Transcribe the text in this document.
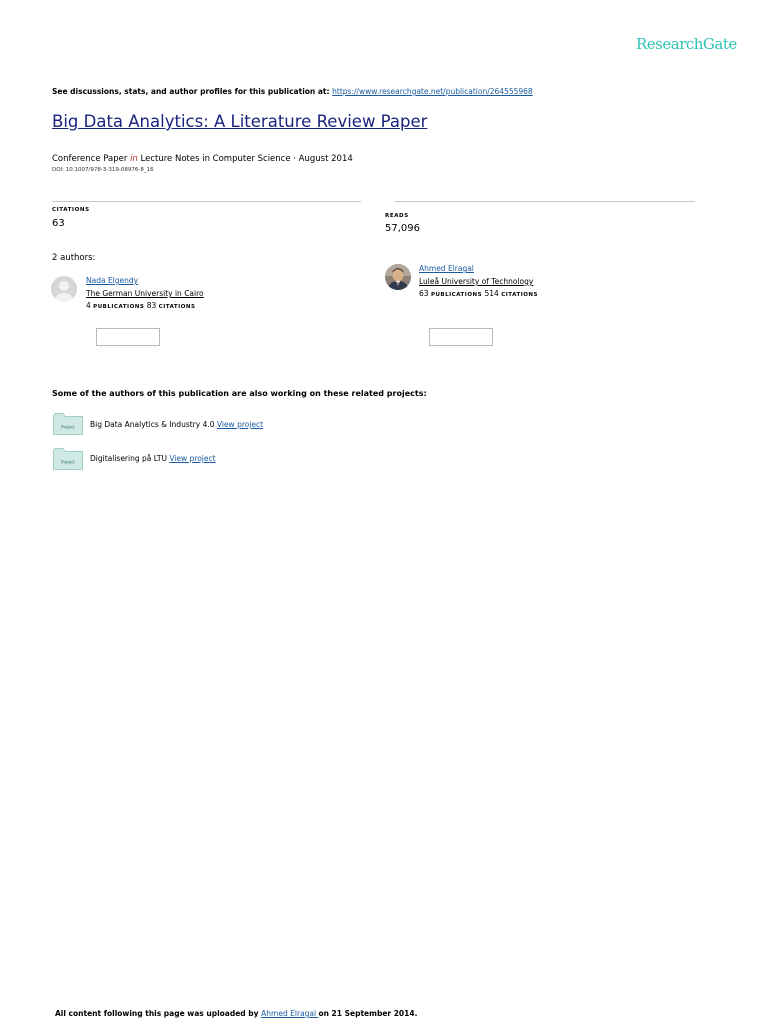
ResearchGate
See discussions, stats, and author profiles for this publication at: https://www.researchgate.net/publication/264555968
Big Data Analytics: A Literature Review Paper
Conference Paper in Lecture Notes in Computer Science · August 2014
DOI: 10.1007/978-3-319-08976-8_16
CITATIONS
63
READS
57,096
2 authors:
Nada Elgendy
The German University in Cairo
4 PUBLICATIONS 83 CITATIONS
Ahmed Elragal
Luleå University of Technology
63 PUBLICATIONS 514 CITATIONS
Some of the authors of this publication are also working on these related projects:
Project Big Data Analytics & Industry 4.0 View project
Project Digitalisering på LTU View project
All content following this page was uploaded by Ahmed Elragal on 21 September 2014.
